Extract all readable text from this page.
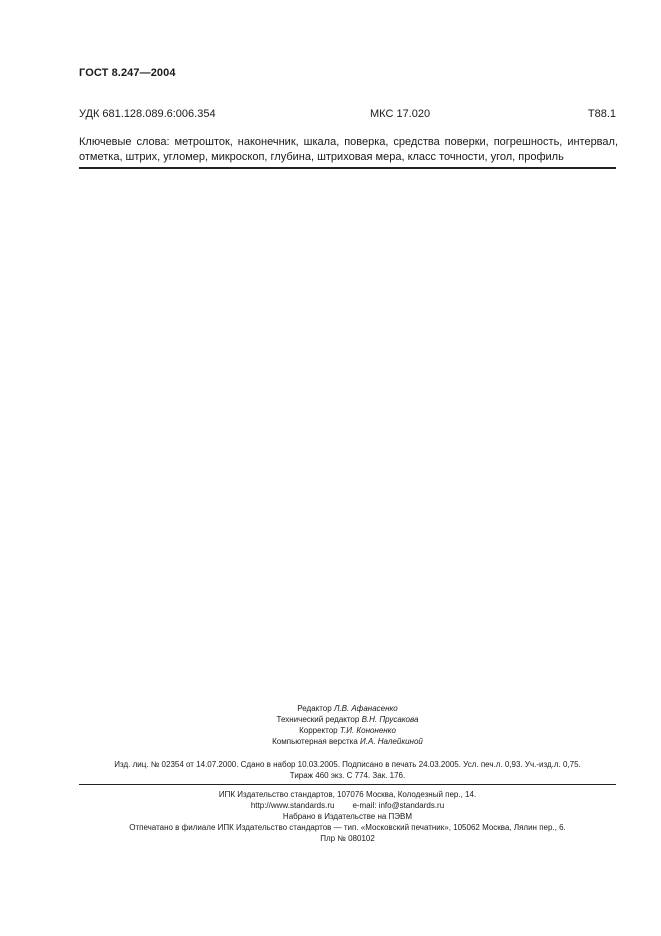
ГОСТ 8.247—2004
УДК 681.128.089.6:006.354	МКС 17.020	Т88.1
Ключевые слова: метрошток, наконечник, шкала, поверка, средства поверки, погрешность, интервал, отметка, штрих, угломер, микроскоп, глубина, штриховая мера, класс точности, угол, профиль
Редактор Л.В. Афанасенко
Технический редактор В.Н. Прусакова
Корректор Т.И. Кононенко
Компьютерная верстка И.А. Налейкиной
Изд. лиц. № 02354 от 14.07.2000. Сдано в набор 10.03.2005. Подписано в печать 24.03.2005. Усл. печ.л. 0,93. Уч.-изд.л. 0,75.
Тираж 460 экз. С 774. Зак. 176.
ИПК Издательство стандартов, 107076 Москва, Колодезный пер., 14.
http://www.standards.ru e-mail: info@standards.ru
Набрано в Издательстве на ПЭВМ
Отпечатано в филиале ИПК Издательство стандартов — тип. «Московский печатник», 105062 Москва, Лялин пер., 6.
Плр № 080102
